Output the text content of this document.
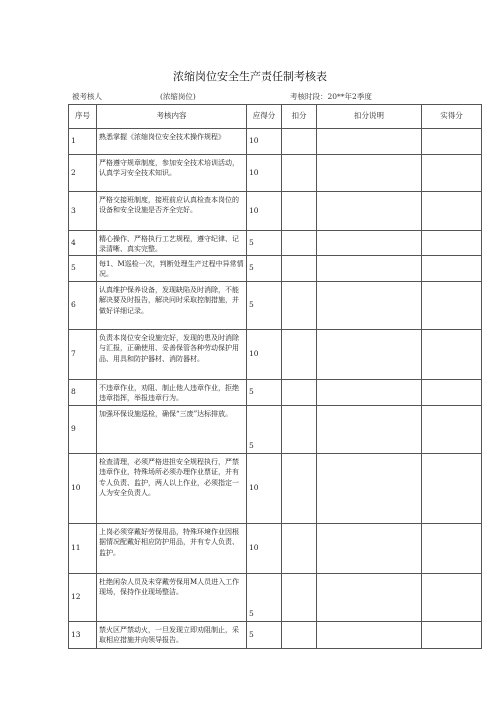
浓缩岗位安全生产责任制考核表
被考核人	(浓缩岗位)	考核时段：20**年2季度
序号	考核内容	应得分	扣分	扣分说明	实得分
1	熟悉掌握《浓缩岗位安全技术操作规程》	10			
2	严格遵守规章制度，参加安全技术培训活动，认真学习安全技术知识。	10			
3	严格交接班制度，接班前应认真检查本岗位的设备和安全设施是否齐全完好。	10			
4	精心操作、严格执行工艺规程，遵守纪律、记录清晰、真实完整。	5			
5	每1、M巡检一次，判断处理生产过程中异常情况。	5			
6	认真维护保养设备，发现缺陷及时消除，不能解决要及时报告，解决问时采取控制措施，并做好详细记录。	5			
7	负责本岗位安全设施完好，发现的患及时消除与汇报，正确使用、妥善保管各种劳动保护用品、用具和防护器材、消防器材。	10			
8	不违章作业，劝阻、制止他人违章作业，拒绝违章指挥，举报违章行为。	5			
9	加强环保设施巡检，确保“三废”达标排放。	5			
10	检查清理，必须严格进担安全规程执行，严禁违章作业，特殊场所必须办理作业票证，并有专人负责、监护，两人以上作业，必须指定一人为安全负责人。	10			
11	上岗必须穿戴好劳保用品，特殊环境作业因根据情况配戴好相应防护用品，并有专人负责、监护。	10			
12	杜绝闲杂人员及未穿戴劳保用M人员进入工作现场，保持作业现场整洁。	5			
13	禁火区严禁动火，一旦发现立即劝阻制止，采取相应措施并向领导报告。	5			
